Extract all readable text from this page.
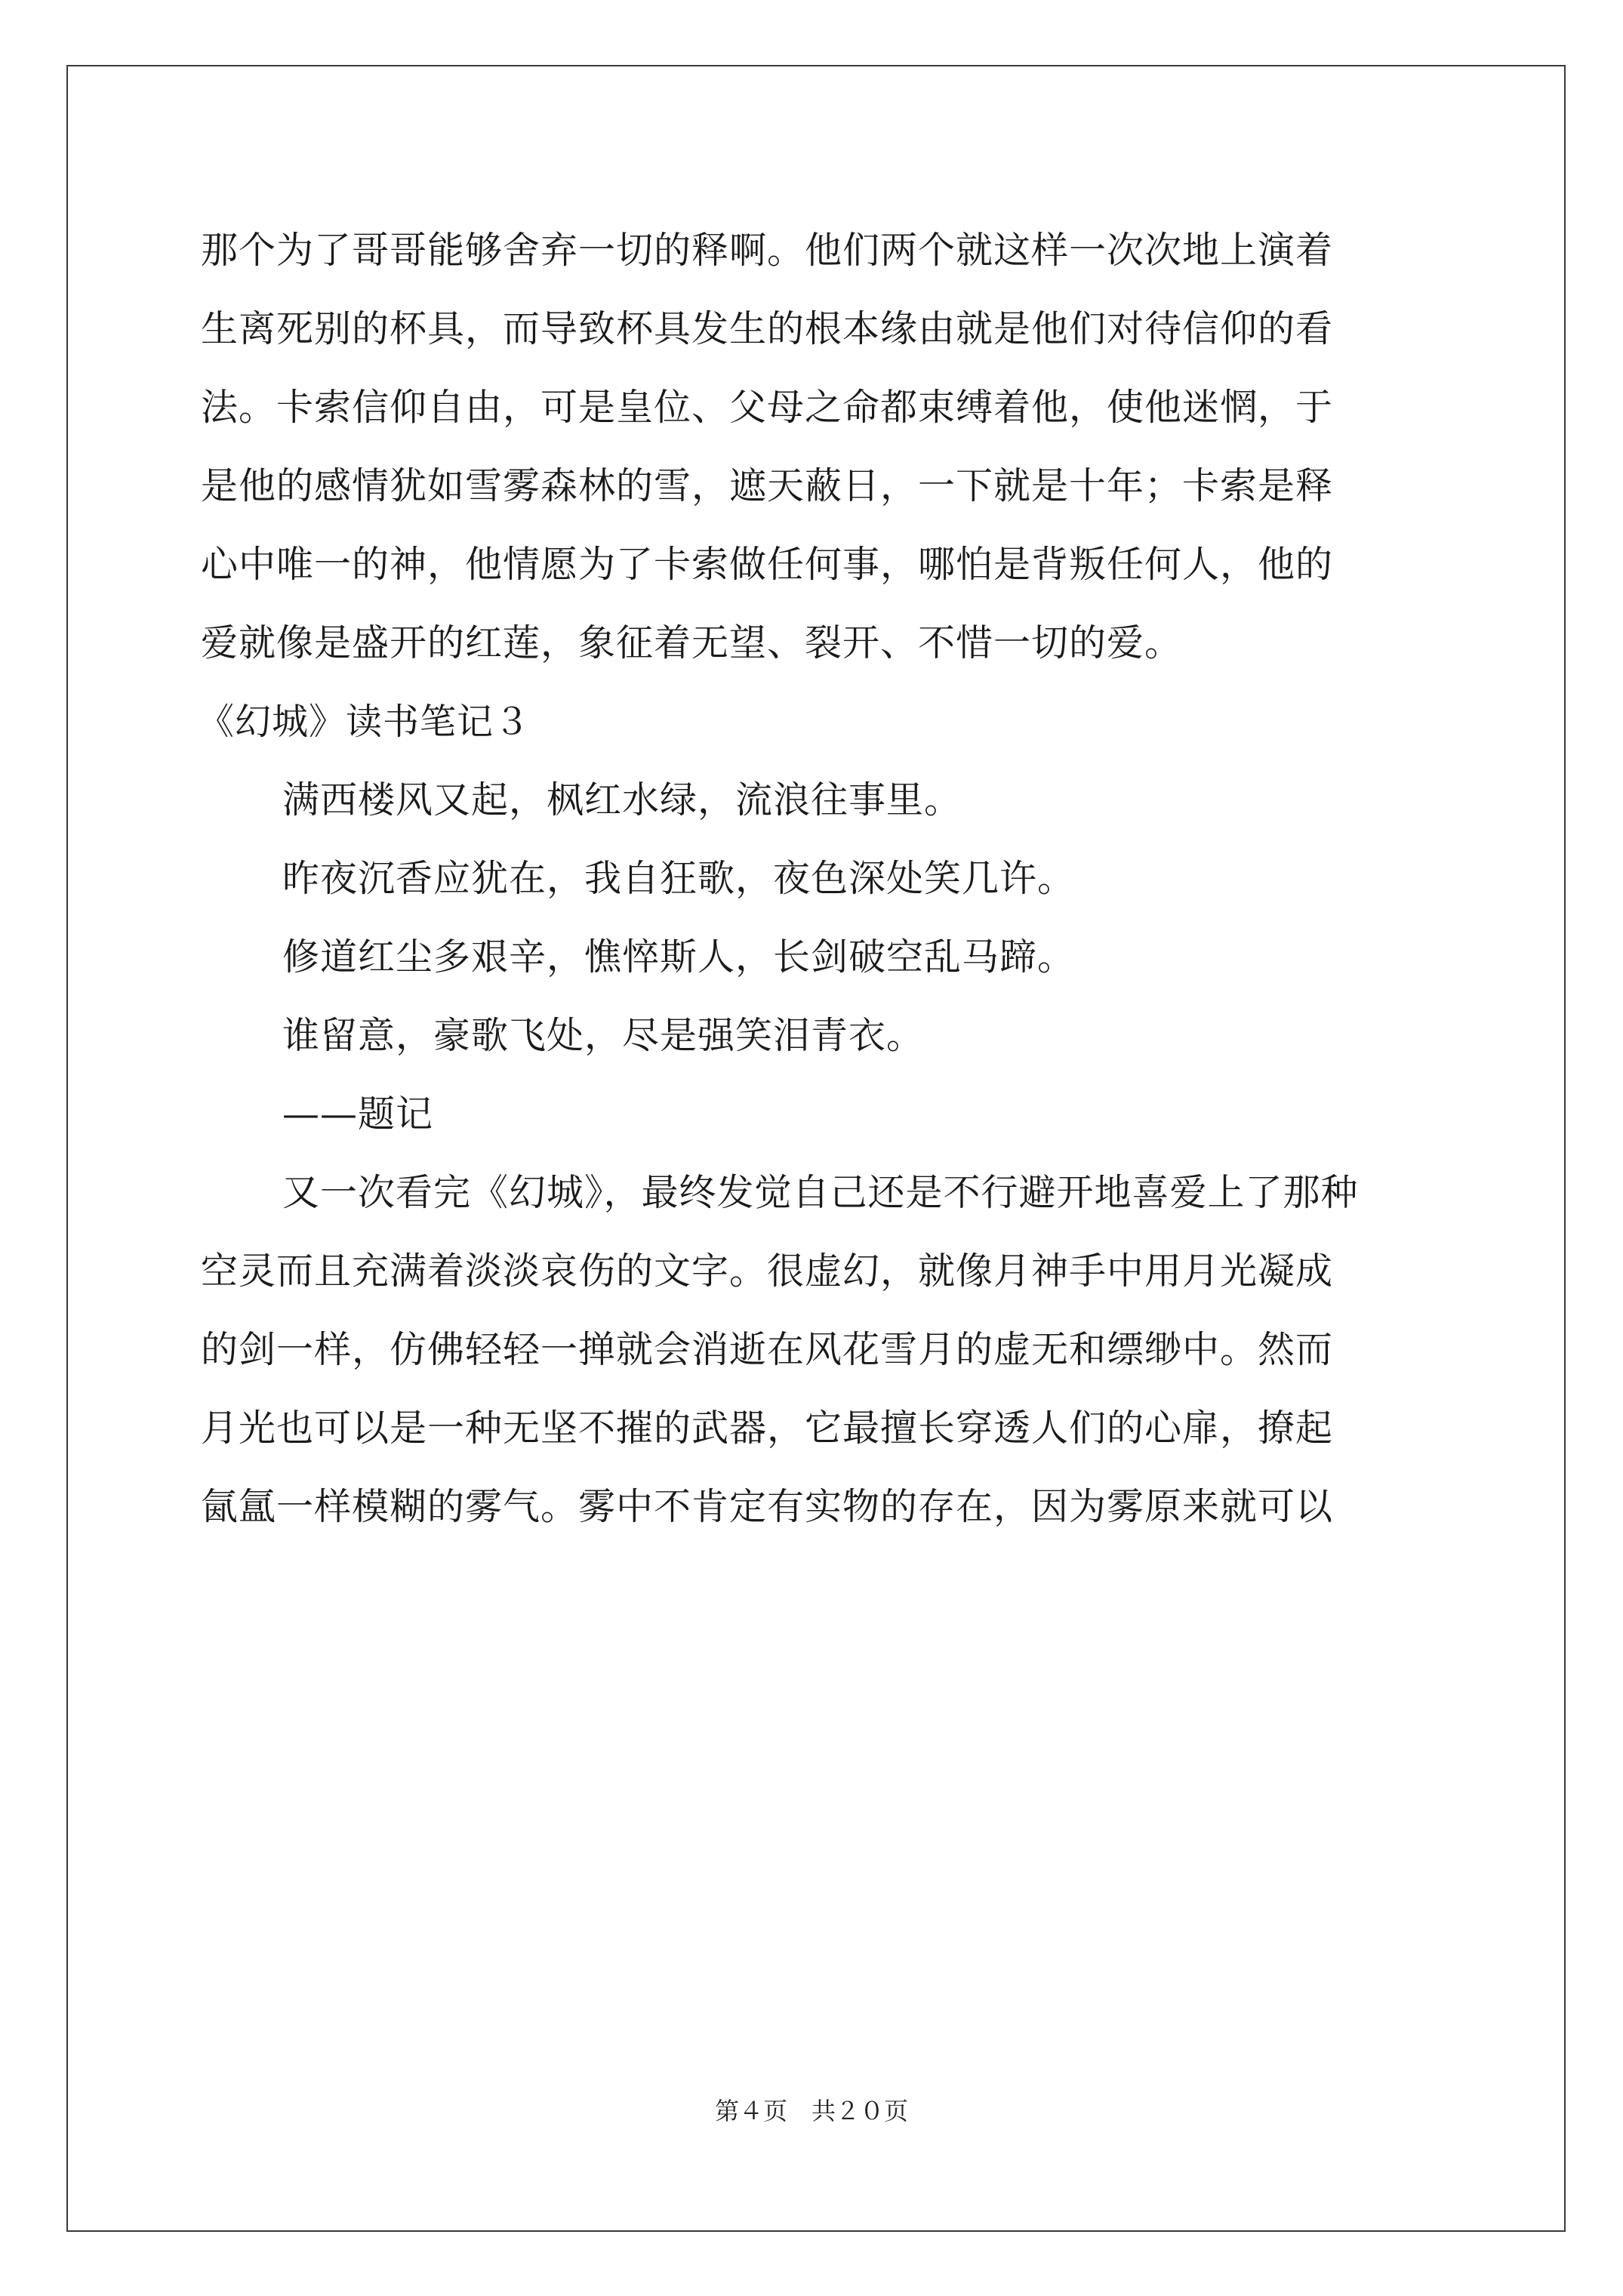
那个为了哥哥能够舍弃一切的释啊。他们两个就这样一次次地上演着
生离死别的杯具，而导致杯具发生的根本缘由就是他们对待信仰的看
法。卡索信仰自由，可是皇位、父母之命都束缚着他，使他迷惘，于
是他的感情犹如雪雾森林的雪，遮天蔽日，一下就是十年；卡索是释
心中唯一的神，他情愿为了卡索做任何事，哪怕是背叛任何人，他的
爱就像是盛开的红莲，象征着无望、裂开、不惜一切的爱。
《幻城》读书笔记３
满西楼风又起，枫红水绿，流浪往事里。
昨夜沉香应犹在，我自狂歌，夜色深处笑几许。
修道红尘多艰辛，憔悴斯人，长剑破空乱马蹄。
谁留意，豪歌飞处，尽是强笑泪青衣。
——题记
又一次看完《幻城》，最终发觉自己还是不行避开地喜爱上了那种
空灵而且充满着淡淡哀伤的文字。很虚幻，就像月神手中用月光凝成
的剑一样，仿佛轻轻一掸就会消逝在风花雪月的虚无和缥缈中。然而
月光也可以是一种无坚不摧的武器，它最擅长穿透人们的心扉，撩起
氤氲一样模糊的雾气。雾中不肯定有实物的存在，因为雾原来就可以
第４页　共２０页
